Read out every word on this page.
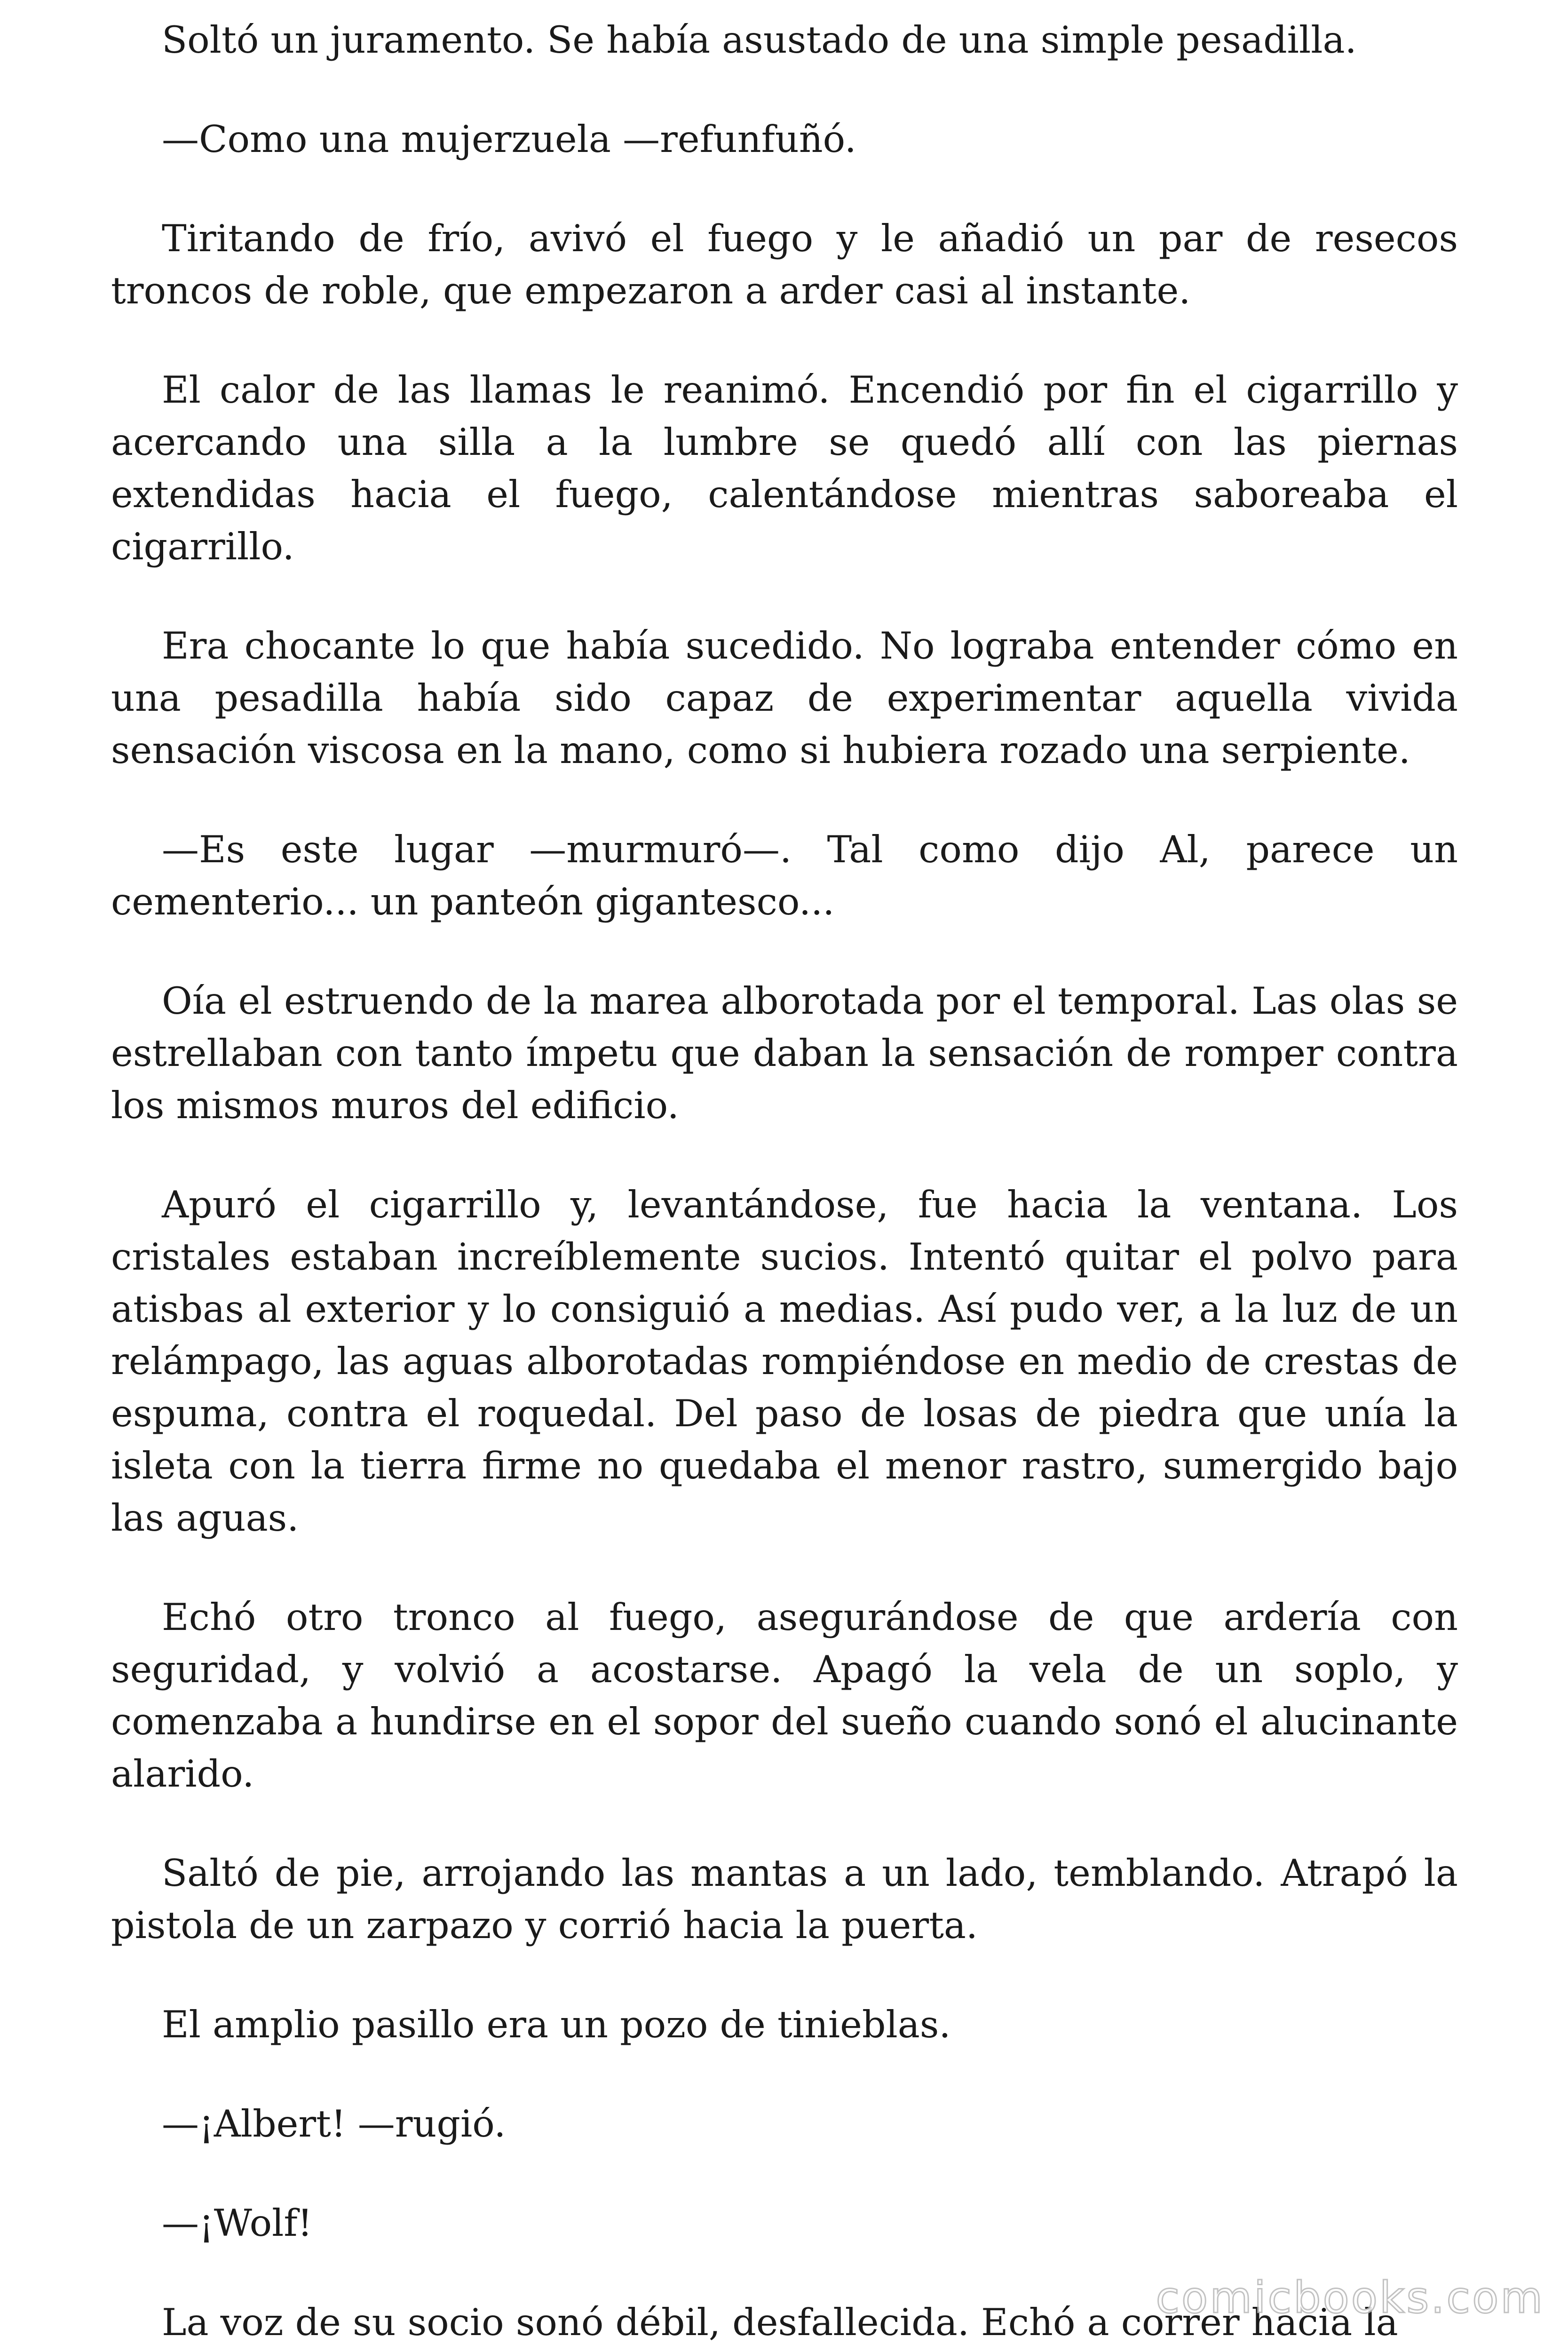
Soltó un juramento. Se había asustado de una simple pesadilla.

—Como una mujerzuela —refunfuñó.

Tiritando de frío, avivó el fuego y le añadió un par de resecos troncos de roble, que empezaron a arder casi al instante.

El calor de las llamas le reanimó. Encendió por fin el cigarrillo y acercando una silla a la lumbre se quedó allí con las piernas extendidas hacia el fuego, calentándose mientras saboreaba el cigarrillo.

Era chocante lo que había sucedido. No lograba entender cómo en una pesadilla había sido capaz de experimentar aquella vivida sensación viscosa en la mano, como si hubiera rozado una serpiente.

—Es este lugar —murmuró—. Tal como dijo Al, parece un cementerio... un panteón gigantesco...

Oía el estruendo de la marea alborotada por el temporal. Las olas se estrellaban con tanto ímpetu que daban la sensación de romper contra los mismos muros del edificio.

Apuró el cigarrillo y, levantándose, fue hacia la ventana. Los cristales estaban increíblemente sucios. Intentó quitar el polvo para atisbas al exterior y lo consiguió a medias. Así pudo ver, a la luz de un relámpago, las aguas alborotadas rompiéndose en medio de crestas de espuma, contra el roquedal. Del paso de losas de piedra que unía la isleta con la tierra firme no quedaba el menor rastro, sumergido bajo las aguas.

Echó otro tronco al fuego, asegurándose de que ardería con seguridad, y volvió a acostarse. Apagó la vela de un soplo, y comenzaba a hundirse en el sopor del sueño cuando sonó el alucinante alarido.

Saltó de pie, arrojando las mantas a un lado, temblando. Atrapó la pistola de un zarpazo y corrió hacia la puerta.

El amplio pasillo era un pozo de tinieblas.

—¡Albert! —rugió.

—¡Wolf!

La voz de su socio sonó débil, desfallecida. Echó a correr hacia la

comicbooks.com
